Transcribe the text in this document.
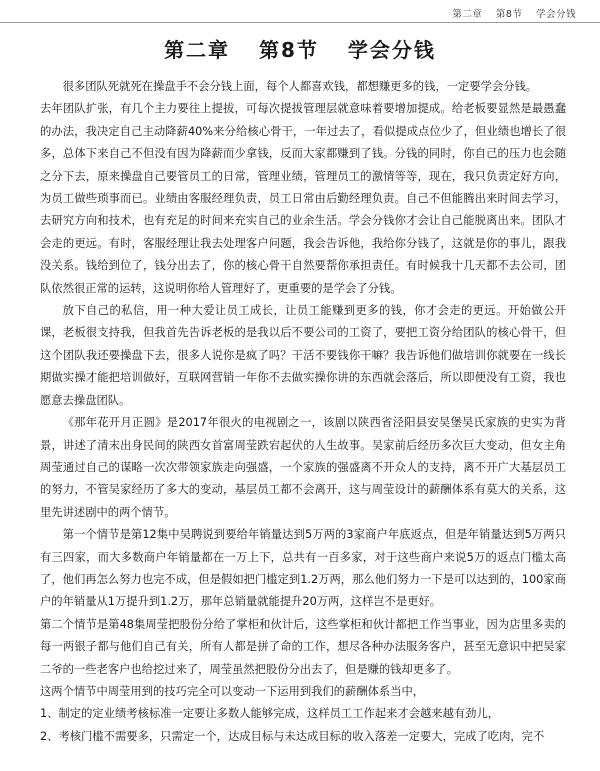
第二章 第8节 学会分钱
第二章 第8节 学会分钱

很多团队死就死在操盘手不会分钱上面，每个人都喜欢钱，都想赚更多的钱，一定要学会分钱。

去年团队扩张，有几个主力要往上提拔，可每次提拔管理层就意味着要增加提成。给老板要显然是最愚蠢的办法，我决定自己主动降薪40%来分给核心骨干，一年过去了，看似提成点位少了，但业绩也增长了很多，总体下来自己不但没有因为降薪而少拿钱，反而大家都赚到了钱。分钱的同时，你自己的压力也会随之分下去，原来操盘自己要管员工的日常，管理业绩，管理员工的激情等等，现在，我只负责定好方向，为员工做些琐事而已。业绩由客服经理负责，员工日常由后勤经理负责。自己不但能腾出来时间去学习，去研究方向和技术，也有充足的时间来充实自己的业余生活。学会分钱你才会让自己能脱离出来。团队才会走的更远。有时，客服经理让我去处理客户问题，我会告诉他，我给你分钱了，这就是你的事儿，跟我没关系。钱给到位了，钱分出去了，你的核心骨干自然要帮你承担责任。有时候我十几天都不去公司，团队依然很正常的运转，这说明你给人管理好了，更重要的是学会了分钱。

放下自己的私信，用一种大爱让员工成长，让员工能赚到更多的钱，你才会走的更远。开始做公开课，老板很支持我，但我首先告诉老板的是我以后不要公司的工资了，要把工资分给团队的核心骨干，但这个团队我还要操盘下去，很多人说你是疯了吗？干活不要钱你干嘛？我告诉他们做培训你就要在一线长期做实操才能把培训做好，互联网营销一年你不去做实操你讲的东西就会落后，所以即便没有工资，我也愿意去操盘团队。

《那年花开月正圆》是2017年很火的电视剧之一，该剧以陕西省泾阳县安吴堡吴氏家族的史实为背景，讲述了清末出身民间的陕西女首富周莹跌宕起伏的人生故事。吴家前后经历多次巨大变动，但女主角周莹通过自己的谋略一次次带领家族走向强盛，一个家族的强盛离不开众人的支持，离不开广大基层员工的努力，不管吴家经历了多大的变动，基层员工都不会离开，这与周莹设计的薪酬体系有莫大的关系，这里先讲述剧中的两个情节。

第一个情节是第12集中吴聘说到要给年销量达到5万两的3家商户年底返点，但是年销量达到5万两只有三四家，而大多数商户年销量都在一万上下，总共有一百多家，对于这些商户来说5万的返点门槛太高了，他们再怎么努力也完不成，但是假如把门槛定到1.2万两，那么他们努力一下是可以达到的，100家商户的年销量从1万提升到1.2万，那年总销量就能提升20万两，这样岂不是更好。

第二个情节是第48集周莹把股份分给了掌柜和伙计后，这些掌柜和伙计都把工作当事业，因为店里多卖的每一两银子都与他们自己有关，所有人都是拼了命的工作，想尽各种办法服务客户，甚至无意识中把吴家二爷的一些老客户也给挖过来了，周莹虽然把股份分出去了，但是赚的钱却更多了。

这两个情节中周莹用到的技巧完全可以变动一下运用到我们的薪酬体系当中，

1、制定的定业绩考核标准一定要让多数人能够完成，这样员工工作起来才会越来越有劲儿，

2、考核门槛不需要多，只需定一个，达成目标与未达成目标的收入落差一定要大，完成了吃肉，完不
